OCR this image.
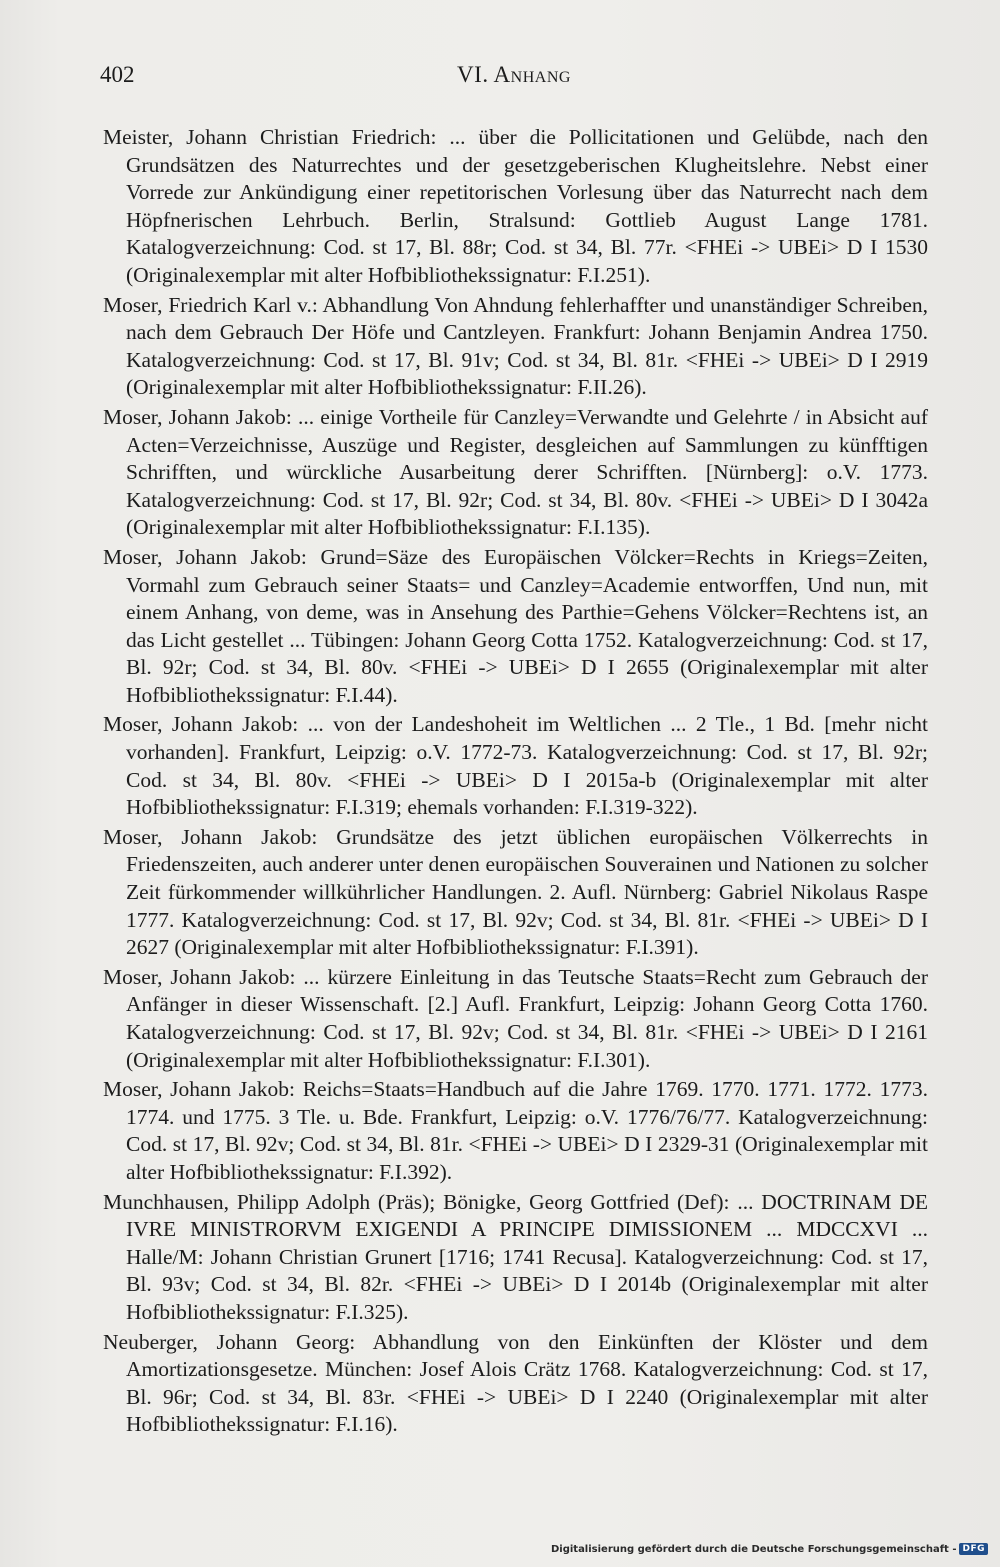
402	VI. Anhang
Meister, Johann Christian Friedrich: ... über die Pollicitationen und Gelübde, nach den Grundsätzen des Naturrechtes und der gesetzgeberischen Klugheitslehre. Nebst einer Vorrede zur Ankündigung einer repetitorischen Vorlesung über das Naturrecht nach dem Höpfnerischen Lehrbuch. Berlin, Stralsund: Gottlieb August Lange 1781. Katalogverzeichnung: Cod. st 17, Bl. 88r; Cod. st 34, Bl. 77r. <FHEi -> UBEi> D I 1530 (Originalexemplar mit alter Hofbibliothekssignatur: F.I.251).
Moser, Friedrich Karl v.: Abhandlung Von Ahndung fehlerhaffter und unanständiger Schreiben, nach dem Gebrauch Der Höfe und Cantzleyen. Frankfurt: Johann Benjamin Andrea 1750. Katalogverzeichnung: Cod. st 17, Bl. 91v; Cod. st 34, Bl. 81r. <FHEi -> UBEi> D I 2919 (Originalexemplar mit alter Hofbibliothekssignatur: F.II.26).
Moser, Johann Jakob: ... einige Vortheile für Canzley=Verwandte und Gelehrte / in Absicht auf Acten=Verzeichnisse, Auszüge und Register, desgleichen auf Sammlungen zu künfftigen Schrifften, und würckliche Ausarbeitung derer Schrifften. [Nürnberg]: o.V. 1773. Katalogverzeichnung: Cod. st 17, Bl. 92r; Cod. st 34, Bl. 80v. <FHEi -> UBEi> D I 3042a (Originalexemplar mit alter Hofbibliothekssignatur: F.I.135).
Moser, Johann Jakob: Grund=Säze des Europäischen Völcker=Rechts in Kriegs=Zeiten, Vormahl zum Gebrauch seiner Staats= und Canzley=Academie entworffen, Und nun, mit einem Anhang, von deme, was in Ansehung des Parthie=Gehens Völcker=Rechtens ist, an das Licht gestellet ... Tübingen: Johann Georg Cotta 1752. Katalogverzeichnung: Cod. st 17, Bl. 92r; Cod. st 34, Bl. 80v. <FHEi -> UBEi> D I 2655 (Originalexemplar mit alter Hofbibliothekssignatur: F.I.44).
Moser, Johann Jakob: ... von der Landeshoheit im Weltlichen ... 2 Tle., 1 Bd. [mehr nicht vorhanden]. Frankfurt, Leipzig: o.V. 1772-73. Katalogverzeichnung: Cod. st 17, Bl. 92r; Cod. st 34, Bl. 80v. <FHEi -> UBEi> D I 2015a-b (Originalexemplar mit alter Hofbibliothekssignatur: F.I.319; ehemals vorhanden: F.I.319-322).
Moser, Johann Jakob: Grundsätze des jetzt üblichen europäischen Völkerrechts in Friedenszeiten, auch anderer unter denen europäischen Souverainen und Nationen zu solcher Zeit fürkommender willkührlicher Handlungen. 2. Aufl. Nürnberg: Gabriel Nikolaus Raspe 1777. Katalogverzeichnung: Cod. st 17, Bl. 92v; Cod. st 34, Bl. 81r. <FHEi -> UBEi> D I 2627 (Originalexemplar mit alter Hofbibliothekssignatur: F.I.391).
Moser, Johann Jakob: ... kürzere Einleitung in das Teutsche Staats=Recht zum Gebrauch der Anfänger in dieser Wissenschaft. [2.] Aufl. Frankfurt, Leipzig: Johann Georg Cotta 1760. Katalogverzeichnung: Cod. st 17, Bl. 92v; Cod. st 34, Bl. 81r. <FHEi -> UBEi> D I 2161 (Originalexemplar mit alter Hofbibliothekssignatur: F.I.301).
Moser, Johann Jakob: Reichs=Staats=Handbuch auf die Jahre 1769. 1770. 1771. 1772. 1773. 1774. und 1775. 3 Tle. u. Bde. Frankfurt, Leipzig: o.V. 1776/76/77. Katalogverzeichnung: Cod. st 17, Bl. 92v; Cod. st 34, Bl. 81r. <FHEi -> UBEi> D I 2329-31 (Originalexemplar mit alter Hofbibliothekssignatur: F.I.392).
Munchhausen, Philipp Adolph (Präs); Bönigke, Georg Gottfried (Def): ... DOCTRINAM DE IVRE MINISTRORVM EXIGENDI A PRINCIPE DIMISSIONEM ... MDCCXVI ... Halle/M: Johann Christian Grunert [1716; 1741 Recusa]. Katalogverzeichnung: Cod. st 17, Bl. 93v; Cod. st 34, Bl. 82r. <FHEi -> UBEi> D I 2014b (Originalexemplar mit alter Hofbibliothekssignatur: F.I.325).
Neuberger, Johann Georg: Abhandlung von den Einkünften der Klöster und dem Amortizationsgesetze. München: Josef Alois Crätz 1768. Katalogverzeichnung: Cod. st 17, Bl. 96r; Cod. st 34, Bl. 83r. <FHEi -> UBEi> D I 2240 (Originalexemplar mit alter Hofbibliothekssignatur: F.I.16).
Digitalisierung gefördert durch die Deutsche Forschungsgemeinschaft - DFG
